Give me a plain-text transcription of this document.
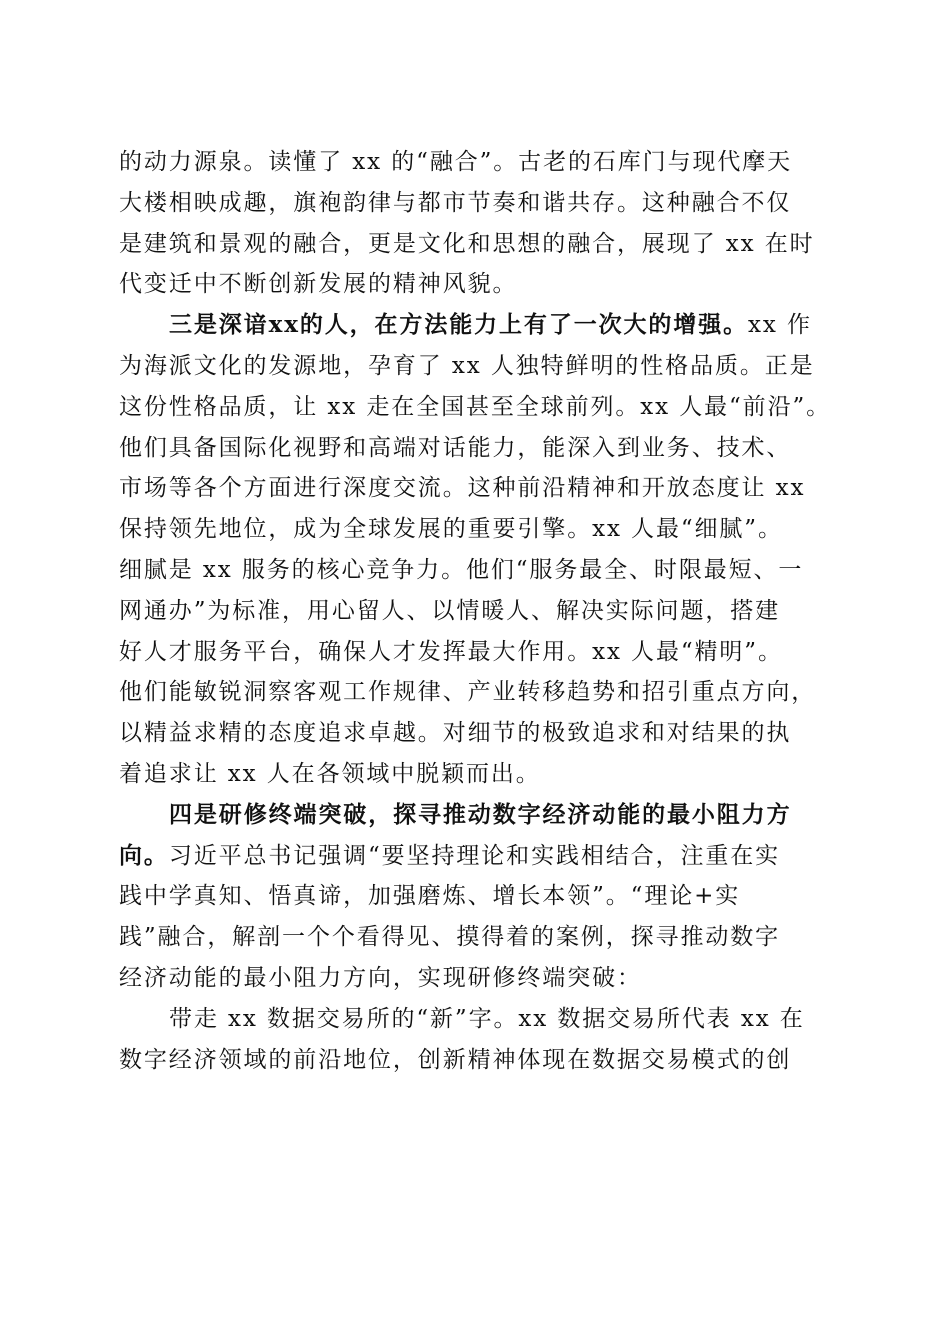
的动力源泉。读懂了 xx 的“融合”。古老的石库门与现代摩天
大楼相映成趣，旗袍韵律与都市节奏和谐共存。这种融合不仅
是建筑和景观的融合，更是文化和思想的融合，展现了 xx 在时
代变迁中不断创新发展的精神风貌。

三是深谙xx的人，在方法能力上有了一次大的增强。xx 作
为海派文化的发源地，孕育了 xx 人独特鲜明的性格品质。正是
这份性格品质，让 xx 走在全国甚至全球前列。xx 人最“前沿”。
他们具备国际化视野和高端对话能力，能深入到业务、技术、
市场等各个方面进行深度交流。这种前沿精神和开放态度让 xx
保持领先地位，成为全球发展的重要引擎。xx 人最“细腻”。
细腻是 xx 服务的核心竞争力。他们“服务最全、时限最短、一
网通办”为标准，用心留人、以情暖人、解决实际问题，搭建
好人才服务平台，确保人才发挥最大作用。xx 人最“精明”。
他们能敏锐洞察客观工作规律、产业转移趋势和招引重点方向，
以精益求精的态度追求卓越。对细节的极致追求和对结果的执
着追求让 xx 人在各领域中脱颖而出。

四是研修终端突破，探寻推动数字经济动能的最小阻力方
向。习近平总书记强调“要坚持理论和实践相结合，注重在实
践中学真知、悟真谛，加强磨炼、增长本领”。“理论+实
践”融合，解剖一个个看得见、摸得着的案例，探寻推动数字
经济动能的最小阻力方向，实现研修终端突破：

带走 xx 数据交易所的“新”字。xx 数据交易所代表 xx 在
数字经济领域的前沿地位，创新精神体现在数据交易模式的创
